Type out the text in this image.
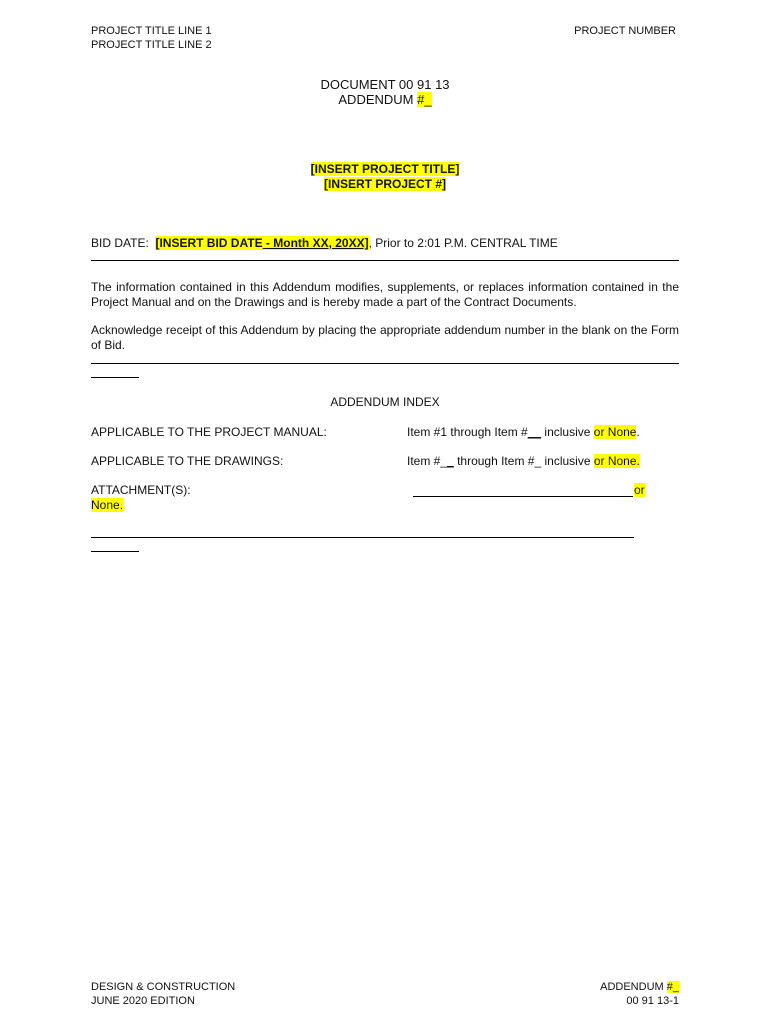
PROJECT TITLE LINE 1
PROJECT TITLE LINE 2
PROJECT NUMBER
DOCUMENT 00 91 13
ADDENDUM #_
[INSERT PROJECT TITLE]
[INSERT PROJECT #]
BID DATE: [INSERT BID DATE - Month XX, 20XX], Prior to 2:01 P.M. CENTRAL TIME
The information contained in this Addendum modifies, supplements, or replaces information contained in the Project Manual and on the Drawings and is hereby made a part of the Contract Documents.
Acknowledge receipt of this Addendum by placing the appropriate addendum number in the blank on the Form of Bid.
ADDENDUM INDEX
APPLICABLE TO THE PROJECT MANUAL:	Item #1 through Item #__ inclusive or None.
APPLICABLE TO THE DRAWINGS:	Item #__ through Item #_ inclusive or None.
ATTACHMENT(S):	or
None.
DESIGN & CONSTRUCTION
JUNE 2020 EDITION
ADDENDUM #_
00 91 13-1
